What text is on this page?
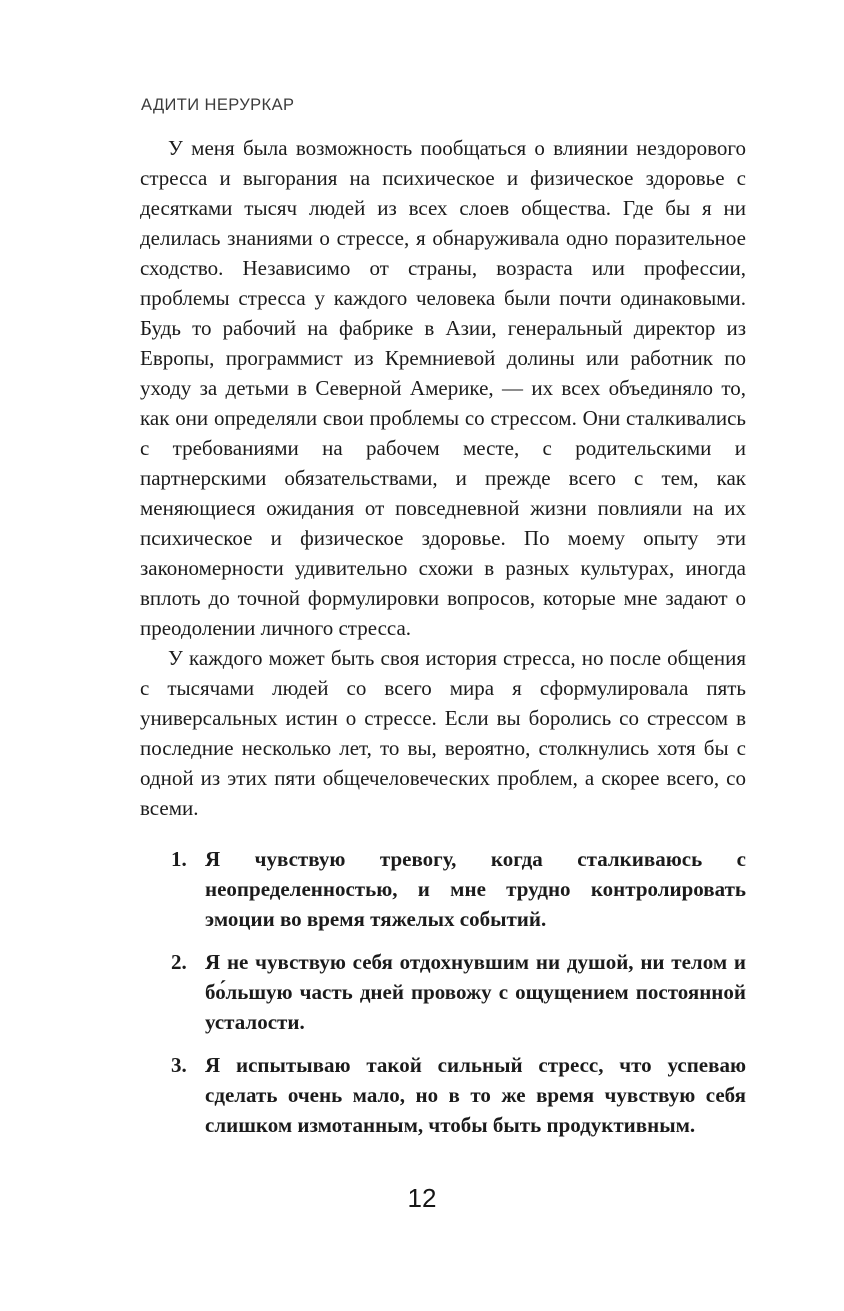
АДИТИ НЕРУРКАР

У меня была возможность пообщаться о влиянии нездорового стресса и выгорания на психическое и физическое здоровье с десятками тысяч людей из всех слоев общества. Где бы я ни делилась знаниями о стрессе, я обнаруживала одно поразительное сходство. Независимо от страны, возраста или профессии, проблемы стресса у каждого человека были почти одинаковыми. Будь то рабочий на фабрике в Азии, генеральный директор из Европы, программист из Кремниевой долины или работник по уходу за детьми в Северной Америке, — их всех объединяло то, как они определяли свои проблемы со стрессом. Они сталкивались с требованиями на рабочем месте, с родительскими и партнерскими обязательствами, и прежде всего с тем, как меняющиеся ожидания от повседневной жизни повлияли на их психическое и физическое здоровье. По моему опыту эти закономерности удивительно схожи в разных культурах, иногда вплоть до точной формулировки вопросов, которые мне задают о преодолении личного стресса.

У каждого может быть своя история стресса, но после общения с тысячами людей со всего мира я сформулировала пять универсальных истин о стрессе. Если вы боролись со стрессом в последние несколько лет, то вы, вероятно, столкнулись хотя бы с одной из этих пяти общечеловеческих проблем, а скорее всего, со всеми.

1. Я чувствую тревогу, когда сталкиваюсь с неопределенностью, и мне трудно контролировать эмоции во время тяжелых событий.
2. Я не чувствую себя отдохнувшим ни душой, ни телом и бо́льшую часть дней провожу с ощущением постоянной усталости.
3. Я испытываю такой сильный стресс, что успеваю сделать очень мало, но в то же время чувствую себя слишком измотанным, чтобы быть продуктивным.
12
